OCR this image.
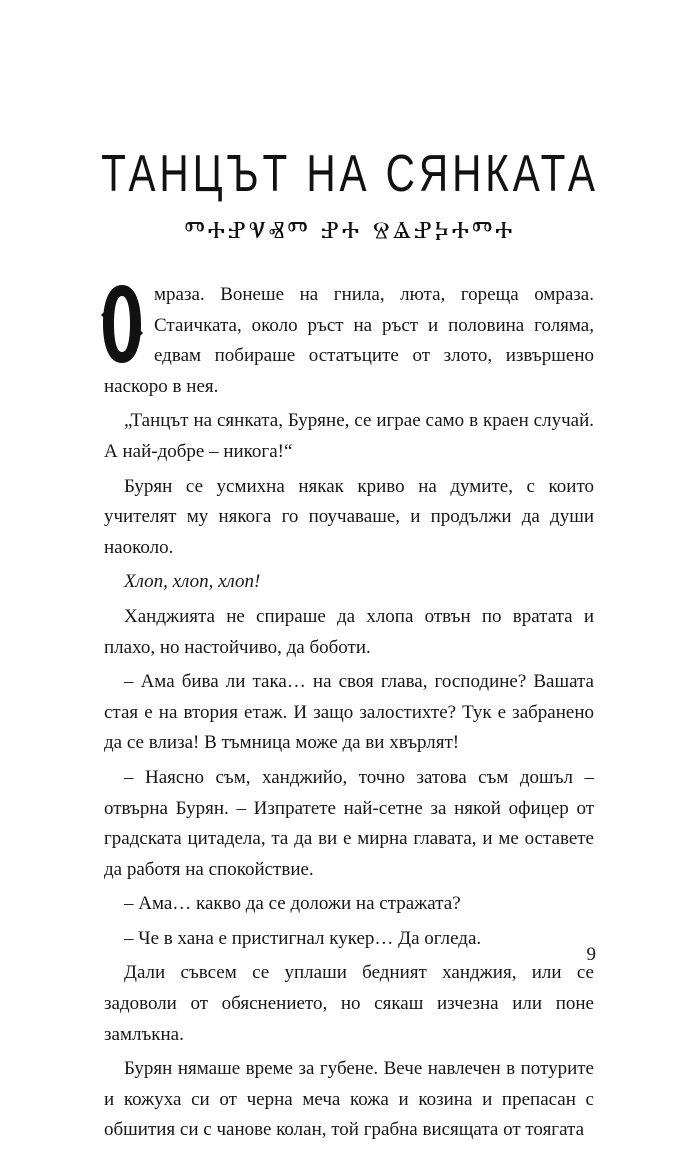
ТАНЦЪТ НА СЯНКАТА
ⰕⰀⰐⰜⰟⰕ ⰐⰀ ⰔⰡⰐⰍⰀⰕⰀ

мраза. Вонеше на гнила, люта, гореща омраза. Стаичката, около ръст на ръст и половина голяма, едвам побираше остатъците от злото, извършено наскоро в нея.

„Танцът на сянката, Буряне, се играе само в краен случай. А най-добре – никога!“

Бурян се усмихна някак криво на думите, с които учителят му някога го поучаваше, и продължи да души наоколо.

Хлоп, хлоп, хлоп!

Ханджията не спираше да хлопа отвън по вратата и плахо, но настойчиво, да боботи.

– Ама бива ли така… на своя глава, господине? Вашата стая е на втория етаж. И защо залостихте? Тук е забранено да се влиза! В тъмница може да ви хвърлят!

– Наясно съм, ханджийо, точно затова съм дошъл – отвърна Бурян. – Изпратете най-сетне за някой офицер от градската цитадела, та да ви е мирна главата, и ме оставете да работя на спокойствие.

– Ама… какво да се доложи на стражата?

– Че в хана е пристигнал кукер… Да огледа.

Дали съвсем се уплаши бедният ханджия, или се задоволи от обяснението, но сякаш изчезна или поне замлъкна.

Бурян нямаше време за губене. Вече навлечен в потурите и кожуха си от черна меча кожа и козина и препасан с обшития си с чанове колан, той грабна висящата от тоягата

9
